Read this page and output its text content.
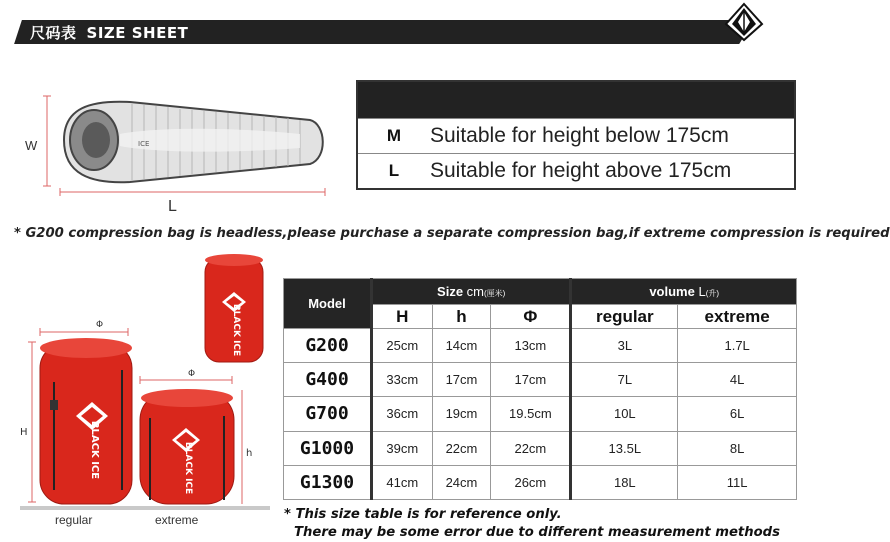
尺码表 SIZE SHEET
ICE
W
L
M	Suitable for height below 175cm
L	Suitable for height above 175cm
* G200 compression bag is headless,please purchase a separate compression bag,if extreme compression is required
BLACK ICE
Φ
H	BLACK ICE
Φ
h
BLACK ICE
regular	extreme
Model	Size cm(厘米)			volume L(升)	
	H	h	Φ	regular	extreme
G200	25cm	14cm	13cm	3L	1.7L
G400	33cm	17cm	17cm	7L	4L
G700	36cm	19cm	19.5cm	10L	6L
G1000	39cm	22cm	22cm	13.5L	8L
G1300	41cm	24cm	26cm	18L	11L
* This size table is for reference only.
There may be some error due to different measurement methods
